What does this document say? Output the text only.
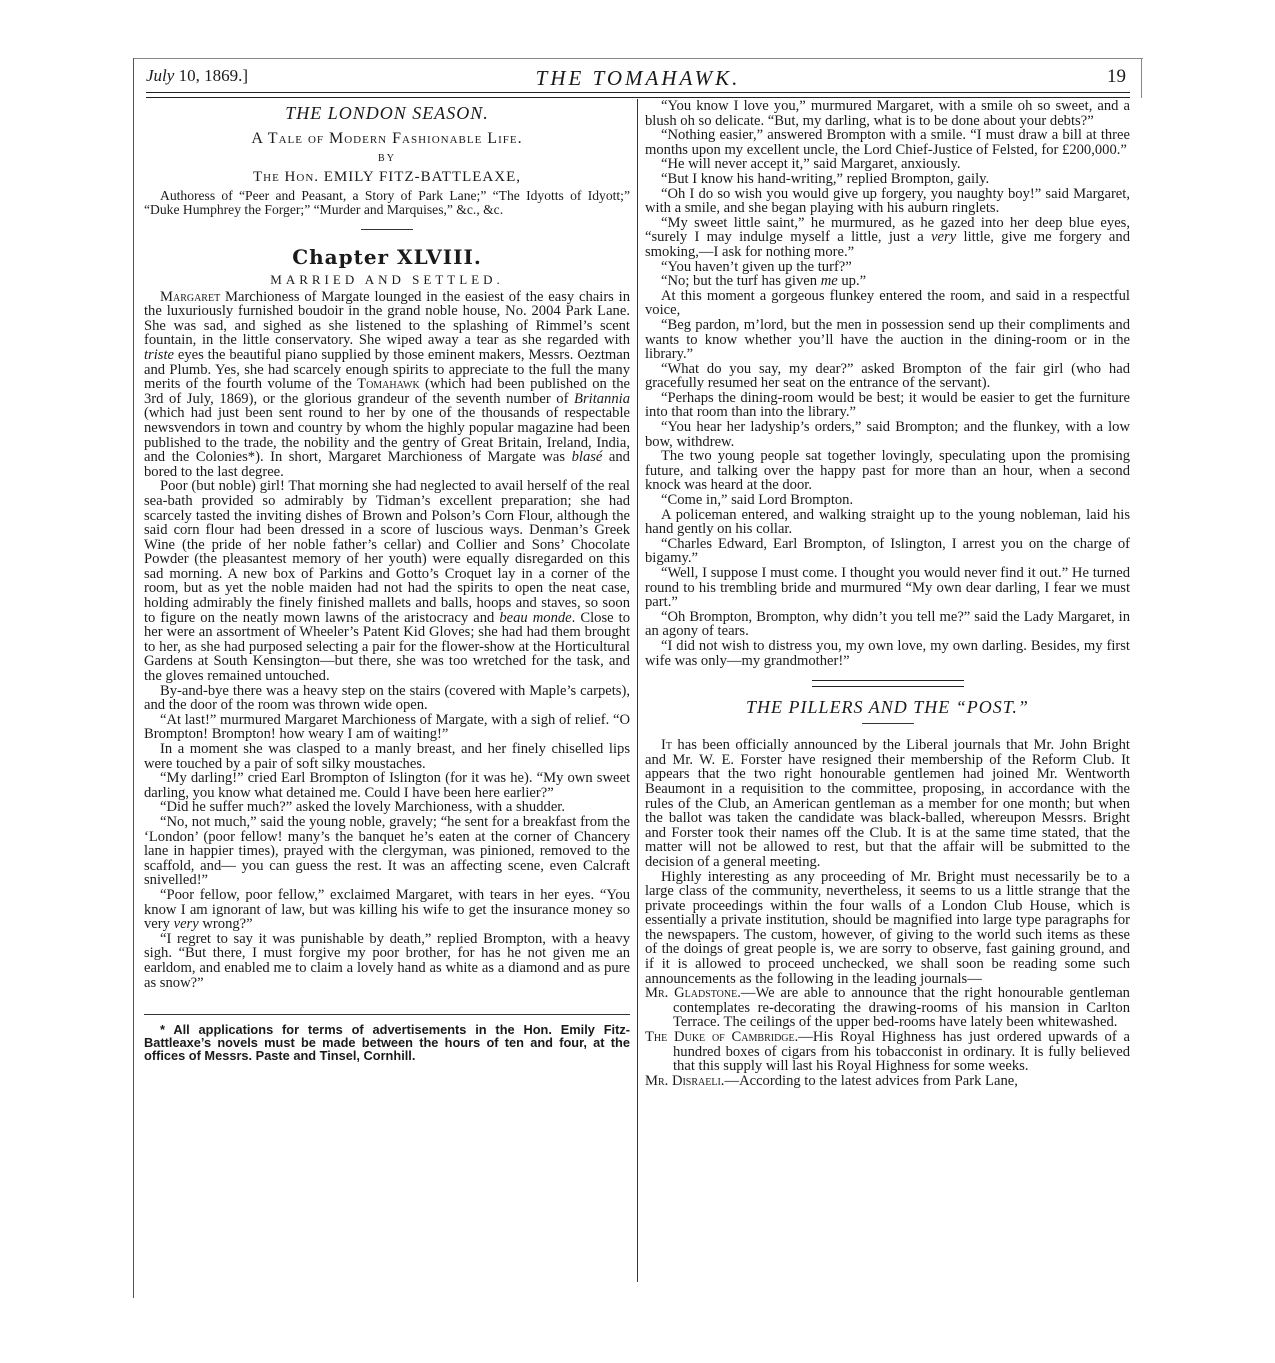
July 10, 1869.]	THE TOMAHAWK.	19
THE LONDON SEASON.
A Tale of Modern Fashionable Life.
BY
The Hon. EMILY FITZ-BATTLEAXE,

Authoress of “Peer and Peasant, a Story of Park Lane;” “The Idyotts of Idyott;” “Duke Humphrey the Forger;” “Murder and Marquises,” &c., &c.

Chapter XLVIII.
MARRIED AND SETTLED.

Margaret Marchioness of Margate lounged in the easiest of the easy chairs in the luxuriously furnished boudoir in the grand noble house, No. 2004 Park Lane. She was sad, and sighed as she listened to the splashing of Rimmel’s scent fountain, in the little conservatory. She wiped away a tear as she regarded with triste eyes the beautiful piano supplied by those eminent makers, Messrs. Oeztman and Plumb. Yes, she had scarcely enough spirits to appreciate to the full the many merits of the fourth volume of the Tomahawk (which had been published on the 3rd of July, 1869), or the glorious grandeur of the seventh number of Britannia (which had just been sent round to her by one of the thousands of respectable newsvendors in town and country by whom the highly popular magazine had been published to the trade, the nobility and the gentry of Great Britain, Ireland, India, and the Colonies*). In short, Margaret Marchioness of Margate was blasé and bored to the last degree.

Poor (but noble) girl! That morning she had neglected to avail herself of the real sea-bath provided so admirably by Tidman’s excellent preparation; she had scarcely tasted the inviting dishes of Brown and Polson’s Corn Flour, although the said corn flour had been dressed in a score of luscious ways. Denman’s Greek Wine (the pride of her noble father’s cellar) and Collier and Sons’ Chocolate Powder (the pleasantest memory of her youth) were equally disregarded on this sad morning. A new box of Parkins and Gotto’s Croquet lay in a corner of the room, but as yet the noble maiden had not had the spirits to open the neat case, holding admirably the finely finished mallets and balls, hoops and staves, so soon to figure on the neatly mown lawns of the aristocracy and beau monde. Close to her were an assortment of Wheeler’s Patent Kid Gloves; she had had them brought to her, as she had purposed selecting a pair for the flower-show at the Horticultural Gardens at South Kensington—but there, she was too wretched for the task, and the gloves remained untouched.

By-and-bye there was a heavy step on the stairs (covered with Maple’s carpets), and the door of the room was thrown wide open.

“At last!” murmured Margaret Marchioness of Margate, with a sigh of relief. “O Brompton! Brompton! how weary I am of waiting!”

In a moment she was clasped to a manly breast, and her finely chiselled lips were touched by a pair of soft silky moustaches.

“My darling!” cried Earl Brompton of Islington (for it was he). “My own sweet darling, you know what detained me. Could I have been here earlier?”

“Did he suffer much?” asked the lovely Marchioness, with a shudder.

“No, not much,” said the young noble, gravely; “he sent for a breakfast from the ‘London’ (poor fellow! many’s the banquet he’s eaten at the corner of Chancery lane in happier times), prayed with the clergyman, was pinioned, removed to the scaffold, and— you can guess the rest. It was an affecting scene, even Calcraft snivelled!”

“Poor fellow, poor fellow,” exclaimed Margaret, with tears in her eyes. “You know I am ignorant of law, but was killing his wife to get the insurance money so very very wrong?”

“I regret to say it was punishable by death,” replied Brompton, with a heavy sigh. “But there, I must forgive my poor brother, for has he not given me an earldom, and enabled me to claim a lovely hand as white as a diamond and as pure as snow?”

* All applications for terms of advertisements in the Hon. Emily Fitz-Battleaxe’s novels must be made between the hours of ten and four, at the offices of Messrs. Paste and Tinsel, Cornhill.

“You know I love you,” murmured Margaret, with a smile oh so sweet, and a blush oh so delicate. “But, my darling, what is to be done about your debts?”

“Nothing easier,” answered Brompton with a smile. “I must draw a bill at three months upon my excellent uncle, the Lord Chief-Justice of Felsted, for £200,000.”

“He will never accept it,” said Margaret, anxiously.

“But I know his hand-writing,” replied Brompton, gaily.

“Oh I do so wish you would give up forgery, you naughty boy!” said Margaret, with a smile, and she began playing with his auburn ringlets.

“My sweet little saint,” he murmured, as he gazed into her deep blue eyes, “surely I may indulge myself a little, just a very little, give me forgery and smoking,—I ask for nothing more.”

“You haven’t given up the turf?”

“No; but the turf has given me up.”

At this moment a gorgeous flunkey entered the room, and said in a respectful voice,

“Beg pardon, m’lord, but the men in possession send up their compliments and wants to know whether you’ll have the auction in the dining-room or in the library.”

“What do you say, my dear?” asked Brompton of the fair girl (who had gracefully resumed her seat on the entrance of the servant).

“Perhaps the dining-room would be best; it would be easier to get the furniture into that room than into the library.”

“You hear her ladyship’s orders,” said Brompton; and the flunkey, with a low bow, withdrew.

The two young people sat together lovingly, speculating upon the promising future, and talking over the happy past for more than an hour, when a second knock was heard at the door.

“Come in,” said Lord Brompton.

A policeman entered, and walking straight up to the young nobleman, laid his hand gently on his collar.

“Charles Edward, Earl Brompton, of Islington, I arrest you on the charge of bigamy.”

“Well, I suppose I must come. I thought you would never find it out.” He turned round to his trembling bride and murmured “My own dear darling, I fear we must part.”

“Oh Brompton, Brompton, why didn’t you tell me?” said the Lady Margaret, in an agony of tears.

“I did not wish to distress you, my own love, my own darling. Besides, my first wife was only—my grandmother!”

THE PILLERS AND THE “POST.”

It has been officially announced by the Liberal journals that Mr. John Bright and Mr. W. E. Forster have resigned their membership of the Reform Club. It appears that the two right honourable gentlemen had joined Mr. Wentworth Beaumont in a requisition to the committee, proposing, in accordance with the rules of the Club, an American gentleman as a member for one month; but when the ballot was taken the candidate was black-balled, whereupon Messrs. Bright and Forster took their names off the Club. It is at the same time stated, that the matter will not be allowed to rest, but that the affair will be submitted to the decision of a general meeting.

Highly interesting as any proceeding of Mr. Bright must necessarily be to a large class of the community, nevertheless, it seems to us a little strange that the private proceedings within the four walls of a London Club House, which is essentially a private institution, should be magnified into large type paragraphs for the newspapers. The custom, however, of giving to the world such items as these of the doings of great people is, we are sorry to observe, fast gaining ground, and if it is allowed to proceed unchecked, we shall soon be reading some such announcements as the following in the leading journals—

Mr. Gladstone.—We are able to announce that the right honourable gentleman contemplates re-decorating the drawing-rooms of his mansion in Carlton Terrace. The ceilings of the upper bed-rooms have lately been whitewashed.

The Duke of Cambridge.—His Royal Highness has just ordered upwards of a hundred boxes of cigars from his tobacconist in ordinary. It is fully believed that this supply will last his Royal Highness for some weeks.

Mr. Disraeli.—According to the latest advices from Park Lane,
